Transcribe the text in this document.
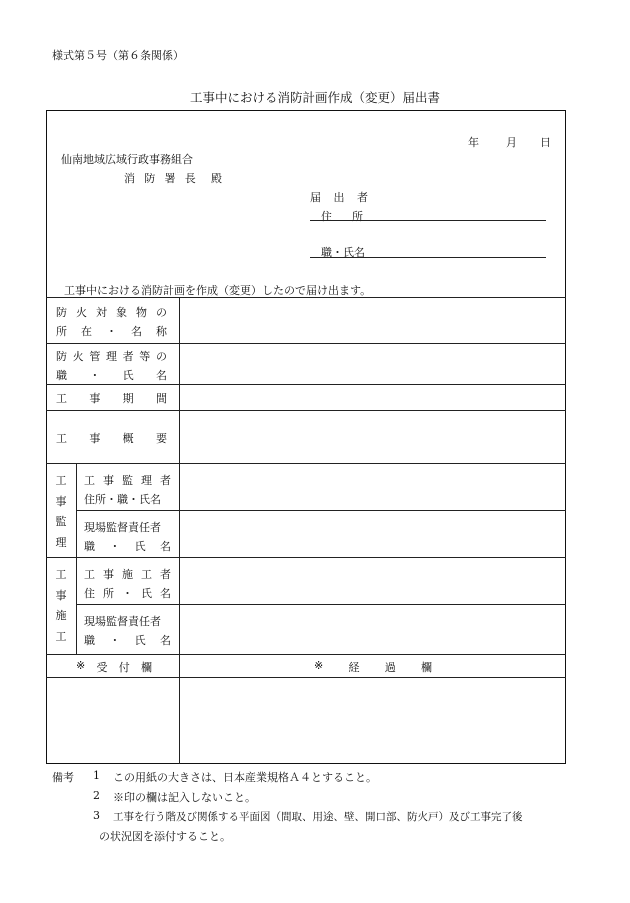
様式第５号（第６条関係）
工事中における消防計画作成（変更）届出書
年 月 日
仙南地域広域行政事務組合
消 防 署 長 殿
届 出 者
住 所
職・氏名
工事中における消防計画を作成（変更）したので届け出ます。
防 火 対 象 物 の
所 在 ・ 名 称
防 火 管 理 者 等 の
職 ・ 氏 名
工 事 期 間
工 事 概 要
工
事
監
理
工 事 監 理 者
住所・職・氏名
現場監督責任者
職 ・ 氏 名
工
事
施
工
工 事 施 工 者
住 所 ・ 氏 名
現場監督責任者
職 ・ 氏 名
※ 受 付 欄	※ 経 過 欄
備考 1 この用紙の大きさは、日本産業規格Ａ４とすること。
2 ※印の欄は記入しないこと。
3 工事を行う階及び関係する平面図（間取、用途、壁、開口部、防火戸）及び工事完了後
の状況図を添付すること。
